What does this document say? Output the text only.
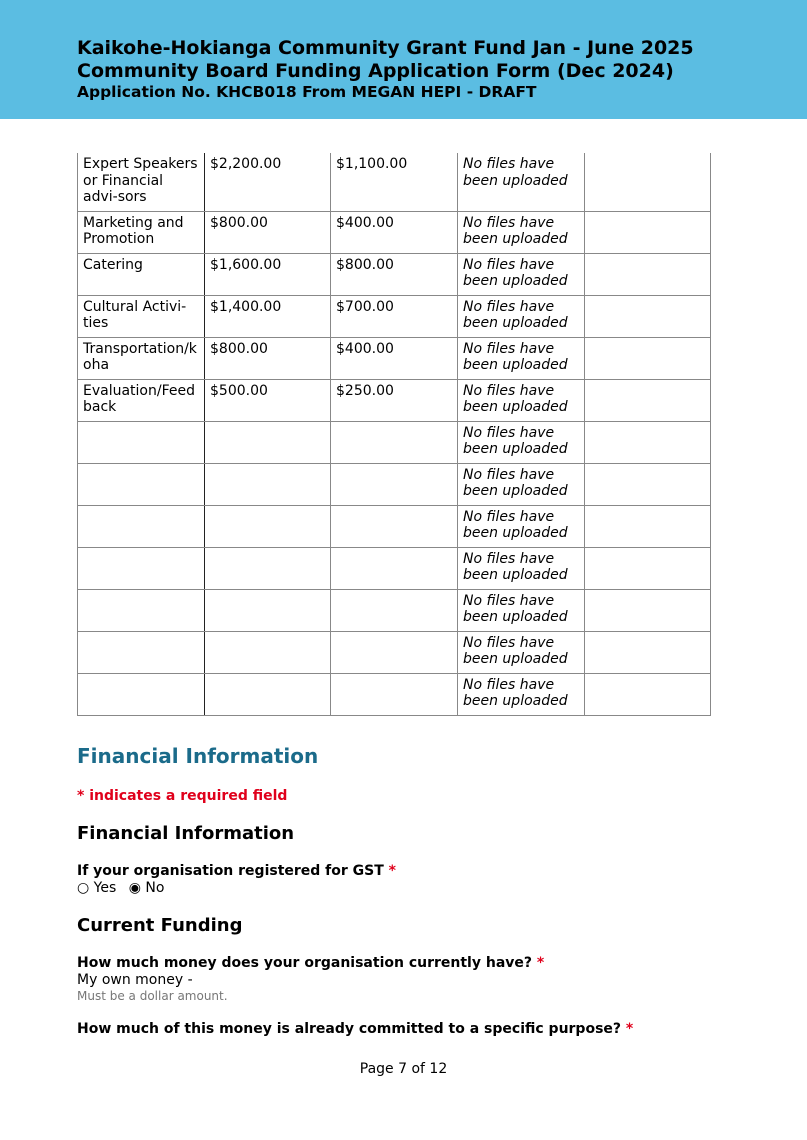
Kaikohe-Hokianga Community Grant Fund Jan - June 2025
Community Board Funding Application Form (Dec 2024)
Application No. KHCB018 From MEGAN HEPI - DRAFT
Expert Speakers or Financial advi-sors	$2,200.00	$1,100.00	No files have been uploaded	
Marketing and Promotion	$800.00	$400.00	No files have been uploaded	
Catering	$1,600.00	$800.00	No files have been uploaded	
Cultural Activi-ties	$1,400.00	$700.00	No files have been uploaded	
Transportation/k oha	$800.00	$400.00	No files have been uploaded	
Evaluation/Feed back	$500.00	$250.00	No files have been uploaded	
			No files have been uploaded	
			No files have been uploaded	
			No files have been uploaded	
			No files have been uploaded	
			No files have been uploaded	
			No files have been uploaded	
			No files have been uploaded	
Financial Information
* indicates a required field
Financial Information
If your organisation registered for GST *
○ Yes ◉ No
Current Funding
How much money does your organisation currently have? *
My own money -
Must be a dollar amount.
How much of this money is already committed to a specific purpose? *
Page 7 of 12
